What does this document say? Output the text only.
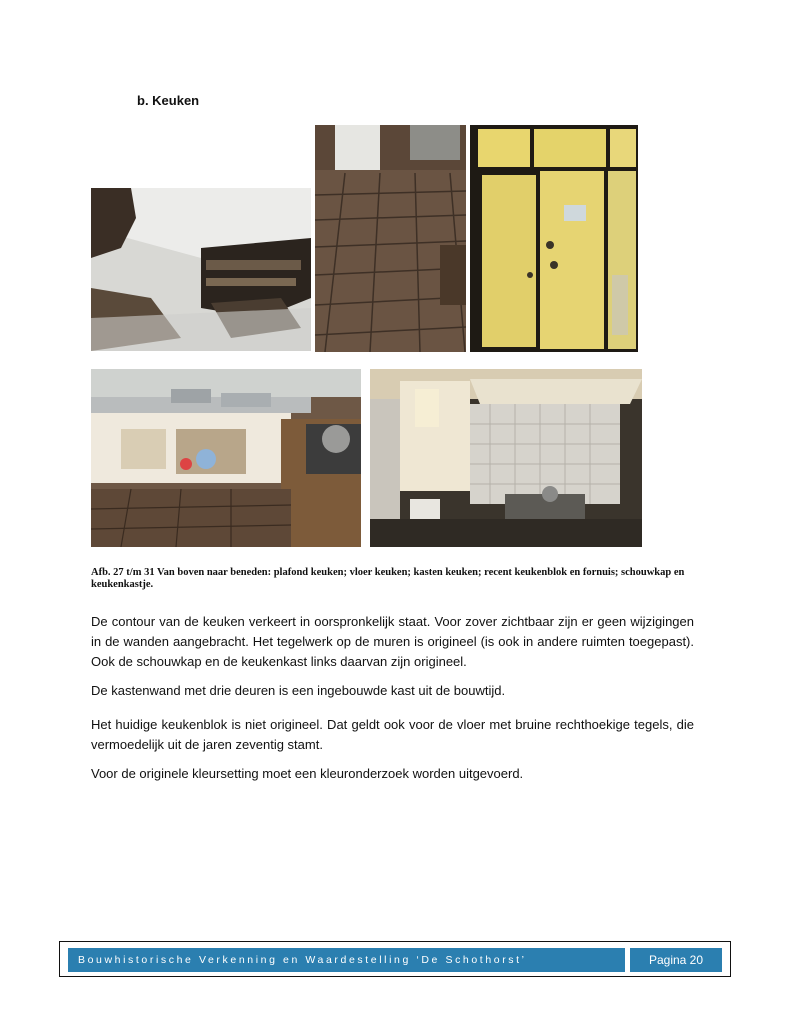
b. Keuken
Afb. 27 t/m 31 Van boven naar beneden: plafond keuken; vloer keuken; kasten keuken; recent keukenblok en fornuis; schouwkap en keukenkastje.

De contour van de keuken verkeert in oorspronkelijk staat. Voor zover zichtbaar zijn er geen wijzigingen in de wanden aangebracht. Het tegelwerk op de muren is origineel (is ook in andere ruimten toegepast). Ook de schouwkap en de keukenkast links daarvan zijn origineel.

De kastenwand met drie deuren is een ingebouwde kast uit de bouwtijd.

Het huidige keukenblok is niet origineel. Dat geldt ook voor de vloer met bruine rechthoekige tegels, die vermoedelijk uit de jaren zeventig stamt.

Voor de originele kleursetting moet een kleuronderzoek worden uitgevoerd.

Bouwhistorische Verkenning en Waardestelling ‘De Schothorst’	Pagina 20
